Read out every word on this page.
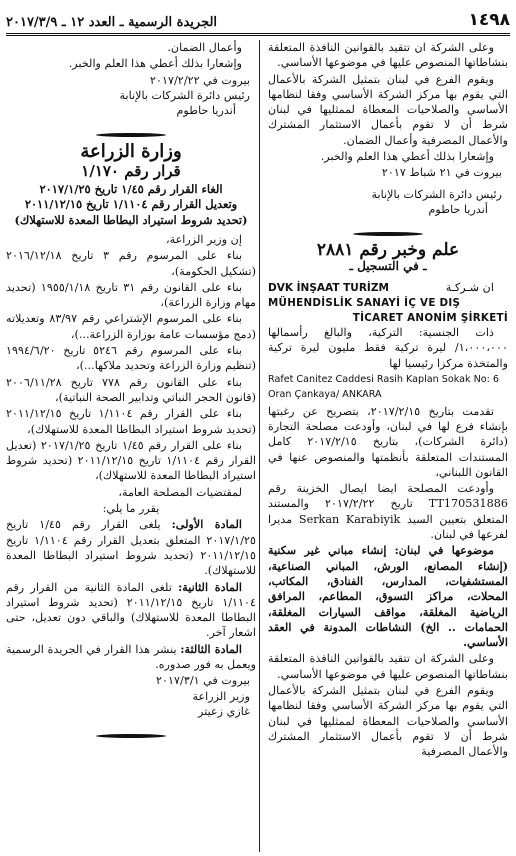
١٤٩٨
الجريدة الرسمية ـ العدد ١٢ ـ ٢٠١٧/٣/٩

وعلى الشركة ان تتقيد بالقوانين النافذة المتعلقة بنشاطاتها المنصوص عليها في موضوعها الأساسي.

ويقوم الفرع في لبنان بتمثيل الشركة بالأعمال التي يقوم بها مركز الشركة الأساسي وفقا لنظامها الأساسي والصلاحيات المعطاة لممثليها في لبنان شرط أن لا تقوم بأعمال الاستثمار المشترك والأعمال المصرفية وأعمال الضمان.

وإشعارا بذلك أعطي هذا العلم والخبر.

بيروت في ٢١ شباط ٢٠١٧

رئيس دائرة الشركات بالإنابة

أندريا حاطوم

علم وخبر رقم ٢٨٨١
ـ في التسجيل ـ
ان شـركـة
DVK İNŞAAT TURİZM
MÜHENDİSLİK SANAYİ İÇ VE DIŞ
TİCARET ANONİM ŞİRKETİ

ذات الجنسية: التركية، والبالغ رأسمالها ١،٠٠٠،٠٠٠/ ليرة تركية فقط مليون ليرة تركية والمتخذة مركزا رئيسيا لها

Rafet Canitez Caddesi Rasih Kaplan Sokak No: 6 Oran Çankaya/ ANKARA

تقدمت بتاريخ ٢٠١٧/٢/١٥، بتصريح عن رغبتها بإنشاء فرع لها في لبنان، وأودعت مصلحة التجارة (دائرة الشركات)، بتاريخ ٢٠١٧/٢/١٥ كامل المستندات المتعلقة بأنظمتها والمنصوص عنها في القانون اللبناني،

وأودعت المصلحة ايضا ايصال الخزينة رقم TT170531886 تاريخ ٢٠١٧/٢/٢٢ والمستند المتعلق بتعيين السيد Serkan Karabiyik مديرا لفرعها في لبنان.

موضوعها في لبنان: إنشاء مباني غير سكنية (إنشاء المصانع، الورش، المباني الصناعية، المستشفيات، المدارس، الفنادق، المكاتب، المحلات، مراكز التسوق، المطاعم، المرافق الرياضية المغلقة، مواقف السيارات المغلقة، الحمامات .. الخ) النشاطات المدونة في العقد الأساسي.

وعلى الشركة ان تتقيد بالقوانين النافذة المتعلقة بنشاطاتها المنصوص عليها في موضوعها الأساسي.

ويقوم الفرع في لبنان بتمثيل الشركة بالأعمال التي يقوم بها مركز الشركة الأساسي وفقا لنظامها الأساسي والصلاحيات المعطاة لممثليها في لبنان شرط أن لا تقوم بأعمال الاستثمار المشترك والأعمال المصرفية

وأعمال الضمان.

وإشعارا بذلك أعطي هذا العلم والخبر.

بيروت في ٢٠١٧/٢/٢٢

رئيس دائرة الشركات بالإنابة

أندريا حاطوم

وزارة الزراعة
قرار رقم ١/١٧٠
الغاء القرار رقم ١/٤٥ تاريخ ٢٠١٧/١/٢٥
وتعديل القرار رقم ١/١١٠٤ تاريخ ٢٠١١/١٢/١٥
(تحديد شروط استيراد البطاطا المعدة للاستهلاك)

إن وزير الزراعة،

بناء على المرسوم رقم ٣ تاريخ ٢٠١٦/١٢/١٨ (تشكيل الحكومة)،

بناء على القانون رقم ٣١ تاريخ ١٩٥٥/١/١٨ (تحديد مهام وزارة الزراعة)،

بناء على المرسوم الإشتراعي رقم ٨٣/٩٧ وتعديلاته (دمج مؤسسات عامة بوزارة الزراعة...)،

بناء على المرسوم رقم ٥٢٤٦ تاريخ ١٩٩٤/٦/٢٠ (تنظيم وزارة الزراعة وتحديد ملاكها...)،

بناء على القانون رقم ٧٧٨ تاريخ ٢٠٠٦/١١/٢٨ (قانون الحجر النباتي وتدابير الصحة النباتية)،

بناء على القرار رقم ١/١١٠٤ تاريخ ٢٠١١/١٢/١٥ (تحديد شروط استيراد البطاطا المعدة للاستهلاك)،

بناء على القرار رقم ١/٤٥ تاريخ ٢٠١٧/١/٢٥ (تعديل القرار رقم ١/١١٠٤ تاريخ ٢٠١١/١٢/١٥ (تحديد شروط استيراد البطاطا المعدة للاستهلاك)،

لمقتضيات المصلحة العامة،

يقرر ما يلي:

المادة الأولى: يلغى القرار رقم ١/٤٥ تاريخ ٢٠١٧/١/٢٥ المتعلق بتعديل القرار رقم ١/١١٠٤ تاريخ ٢٠١١/١٢/١٥ (تحديد شروط استيراد البطاطا المعدة للاستهلاك).

المادة الثانية: تلغى المادة الثانية من القرار رقم ١/١١٠٤ تاريخ ٢٠١١/١٢/١٥ (تحديد شروط استيراد البطاطا المعدة للاستهلاك) والباقي دون تعديل، حتى اشعار آخر.

المادة الثالثة: ينشر هذا القرار في الجريدة الرسمية ويعمل به فور صدوره.

بيروت في ٢٠١٧/٣/١

وزير الزراعة

غازي زعيتر
